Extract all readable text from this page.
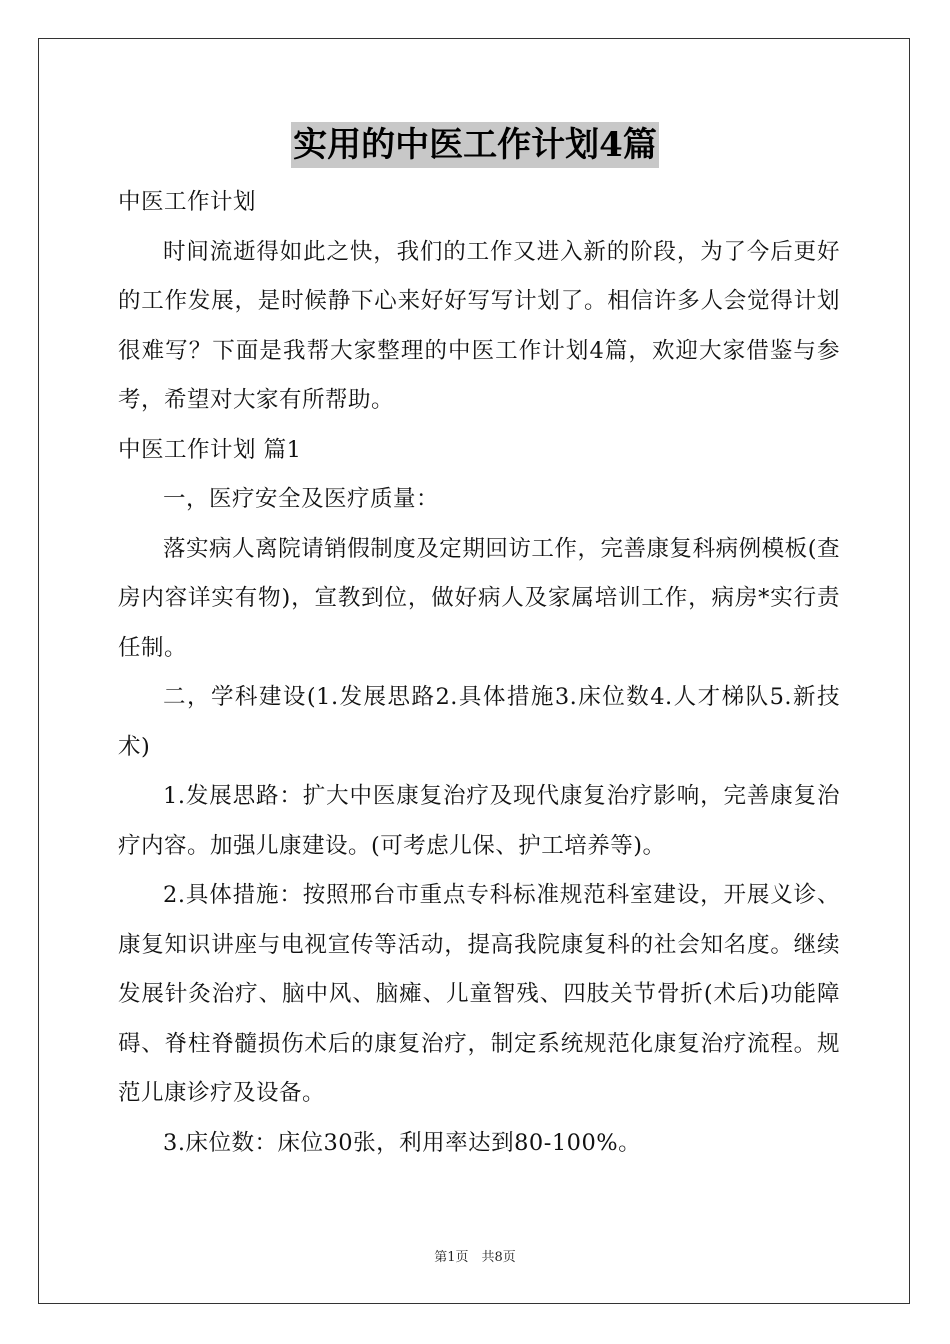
实用的中医工作计划4篇

中医工作计划

时间流逝得如此之快，我们的工作又进入新的阶段，为了今后更好的工作发展，是时候静下心来好好写写计划了。相信许多人会觉得计划很难写？下面是我帮大家整理的中医工作计划4篇，欢迎大家借鉴与参考，希望对大家有所帮助。

中医工作计划 篇1

一，医疗安全及医疗质量：

落实病人离院请销假制度及定期回访工作，完善康复科病例模板(查房内容详实有物)，宣教到位，做好病人及家属培训工作，病房*实行责任制。

二，学科建设(1.发展思路2.具体措施3.床位数4.人才梯队5.新技术)

1.发展思路：扩大中医康复治疗及现代康复治疗影响，完善康复治疗内容。加强儿康建设。(可考虑儿保、护工培养等)。

2.具体措施：按照邢台市重点专科标准规范科室建设，开展义诊、康复知识讲座与电视宣传等活动，提高我院康复科的社会知名度。继续发展针灸治疗、脑中风、脑瘫、儿童智残、四肢关节骨折(术后)功能障碍、脊柱脊髓损伤术后的康复治疗，制定系统规范化康复治疗流程。规范儿康诊疗及设备。

3.床位数：床位30张，利用率达到80-100%。

第1页　共8页
